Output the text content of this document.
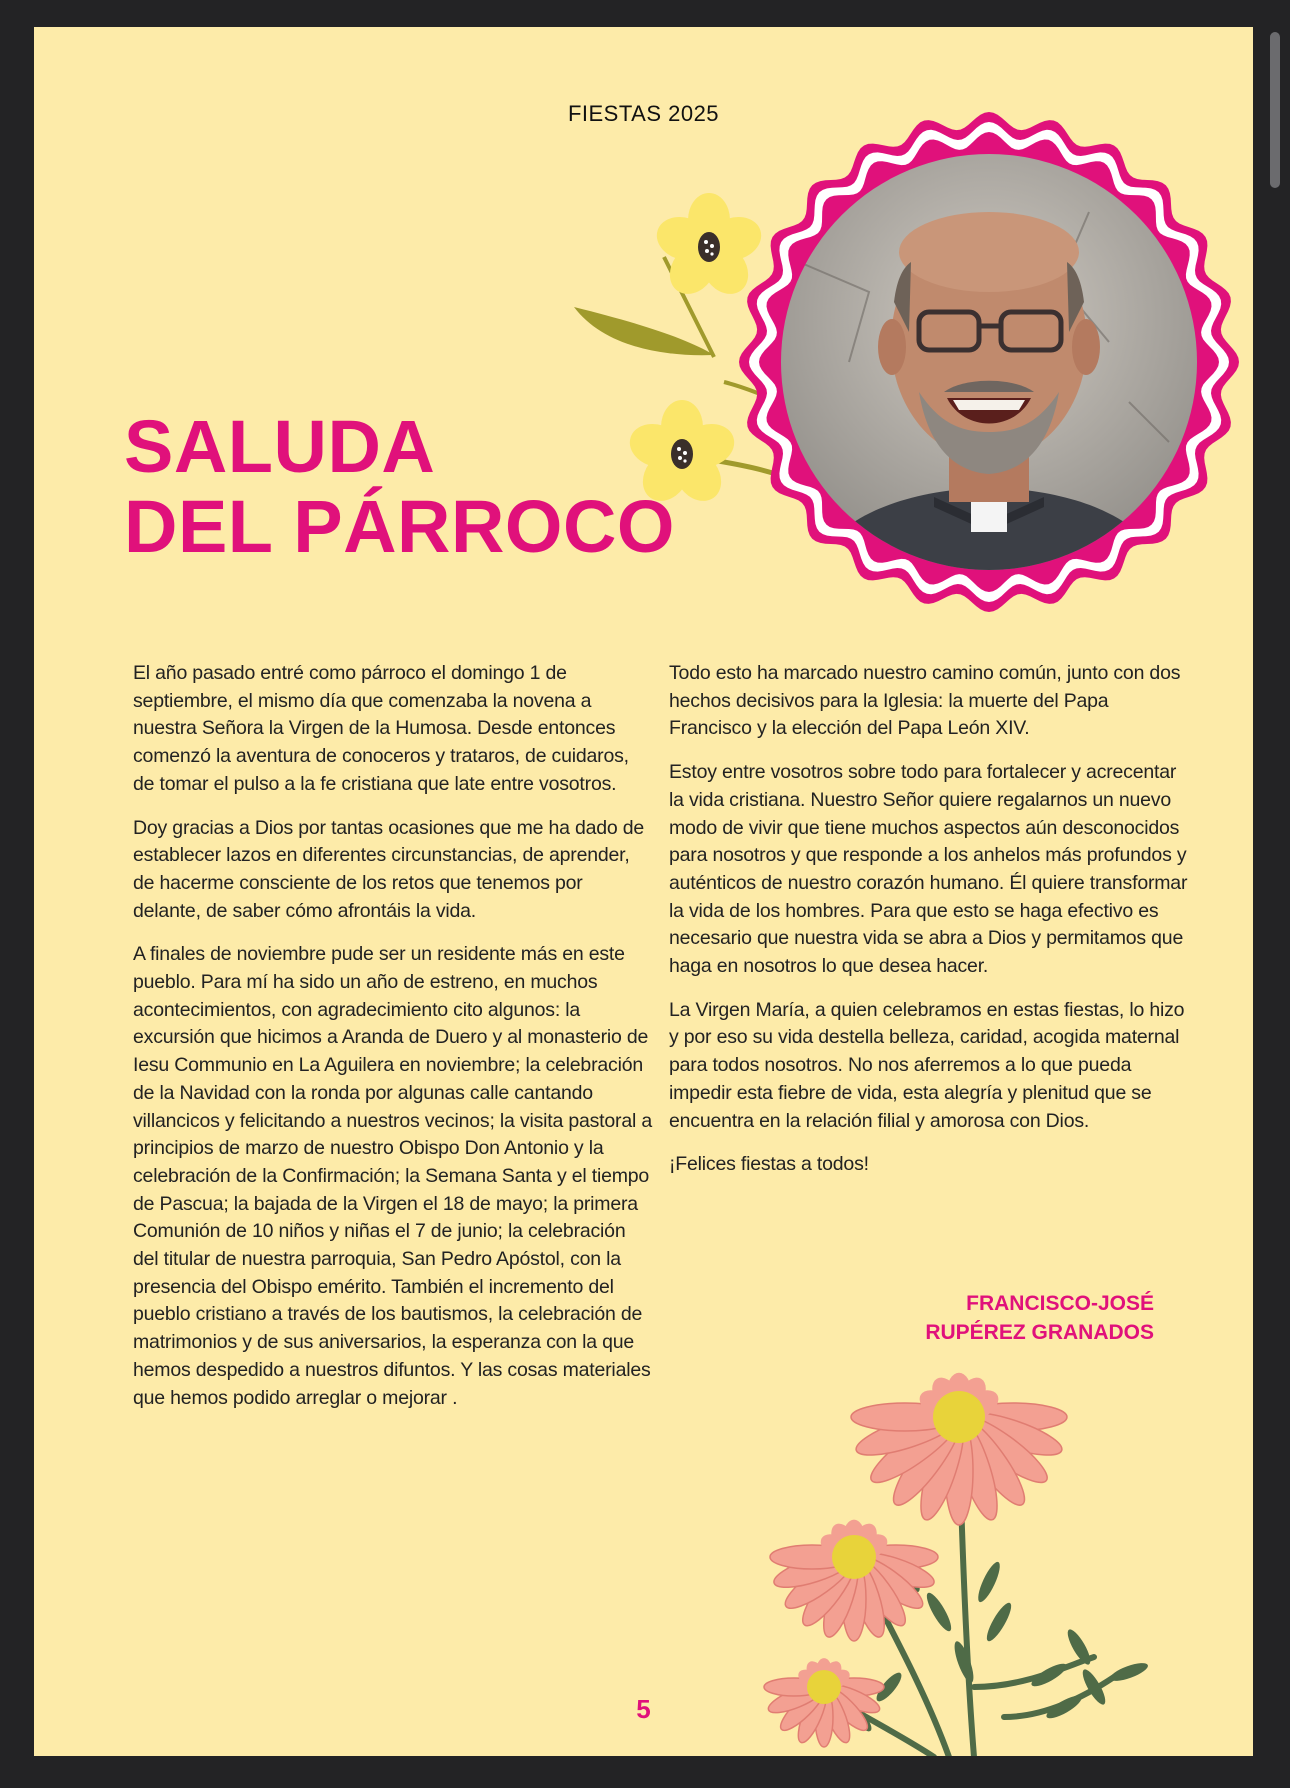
FIESTAS 2025
SALUDA
DEL PÁRROCO

El año pasado entré como párroco el domingo 1 de septiembre, el mismo día que comenzaba la novena a nuestra Señora la Virgen de la Humosa. Desde entonces comenzó la aventura de conoceros y trataros, de cuidaros, de tomar el pulso a la fe cristiana que late entre vosotros.

Doy gracias a Dios por tantas ocasiones que me ha dado de establecer lazos en diferentes circunstancias, de aprender, de hacerme consciente de los retos que tenemos por delante, de saber cómo afrontáis la vida.

A finales de noviembre pude ser un residente más en este pueblo. Para mí ha sido un año de estreno, en muchos acontecimientos, con agradecimiento cito algunos: la excursión que hicimos a Aranda de Duero y al monasterio de Iesu Communio en La Aguilera en noviembre; la celebración de la Navidad con la ronda por algunas calle cantando villancicos y felicitando a nuestros vecinos; la visita pastoral a principios de marzo de nuestro Obispo Don Antonio y la celebración de la Confirmación; la Semana Santa y el tiempo de Pascua; la bajada de la Virgen el 18 de mayo; la primera Comunión de 10 niños y niñas el 7 de junio; la celebración del titular de nuestra parroquia, San Pedro Apóstol, con la presencia del Obispo emérito. También el incremento del pueblo cristiano a través de los bautismos, la celebración de matrimonios y de sus aniversarios, la esperanza con la que hemos despedido a nuestros difuntos. Y las cosas materiales que hemos podido arreglar o mejorar .

Todo esto ha marcado nuestro camino común, junto con dos hechos decisivos para la Iglesia: la muerte del Papa Francisco y la elección del Papa León XIV.

Estoy entre vosotros sobre todo para fortalecer y acrecentar la vida cristiana. Nuestro Señor quiere regalarnos un nuevo modo de vivir que tiene muchos aspectos aún desconocidos para nosotros y que responde a los anhelos más profundos y auténticos de nuestro corazón humano. Él quiere transformar la vida de los hombres. Para que esto se haga efectivo es necesario que nuestra vida se abra a Dios y permitamos que haga en nosotros lo que desea hacer.

La Virgen María, a quien celebramos en estas fiestas, lo hizo y por eso su vida destella belleza, caridad, acogida maternal para todos nosotros. No nos aferremos a lo que pueda impedir esta fiebre de vida, esta alegría y plenitud que se encuentra en la relación filial y amorosa con Dios.

¡Felices fiestas a todos!

FRANCISCO-JOSÉ
RUPÉREZ GRANADOS
5
